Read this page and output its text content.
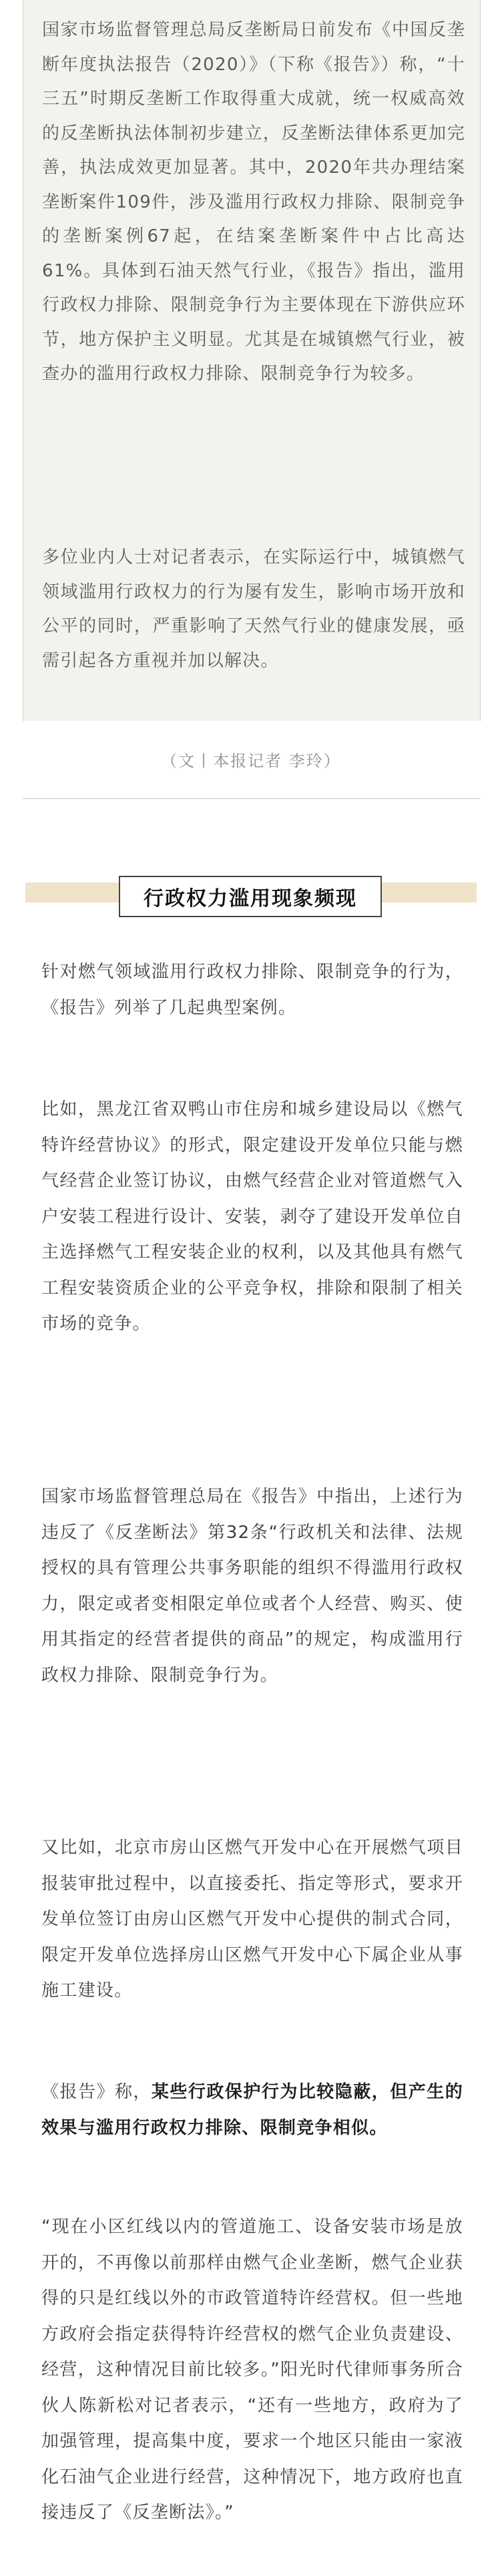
国家市场监督管理总局反垄断局日前发布《中国反垄断年度执法报告（2020）》（下称《报告》）称，“十三五”时期反垄断工作取得重大成就，统一权威高效的反垄断执法体制初步建立，反垄断法律体系更加完善，执法成效更加显著。其中，2020年共办理结案垄断案件109件，涉及滥用行政权力排除、限制竞争的垄断案例67起，在结案垄断案件中占比高达61%。具体到石油天然气行业，《报告》指出，滥用行政权力排除、限制竞争行为主要体现在下游供应环节，地方保护主义明显。尤其是在城镇燃气行业，被查办的滥用行政权力排除、限制竞争行为较多。

多位业内人士对记者表示，在实际运行中，城镇燃气领域滥用行政权力的行为屡有发生，影响市场开放和公平的同时，严重影响了天然气行业的健康发展，亟需引起各方重视并加以解决。

（文丨本报记者 李玲）
行政权力滥用现象频现

针对燃气领域滥用行政权力排除、限制竞争的行为，《报告》列举了几起典型案例。

比如，黑龙江省双鸭山市住房和城乡建设局以《燃气特许经营协议》的形式，限定建设开发单位只能与燃气经营企业签订协议，由燃气经营企业对管道燃气入户安装工程进行设计、安装，剥夺了建设开发单位自主选择燃气工程安装企业的权利，以及其他具有燃气工程安装资质企业的公平竞争权，排除和限制了相关市场的竞争。

国家市场监督管理总局在《报告》中指出，上述行为违反了《反垄断法》第32条“行政机关和法律、法规授权的具有管理公共事务职能的组织不得滥用行政权力，限定或者变相限定单位或者个人经营、购买、使用其指定的经营者提供的商品”的规定，构成滥用行政权力排除、限制竞争行为。

又比如，北京市房山区燃气开发中心在开展燃气项目报装审批过程中，以直接委托、指定等形式，要求开发单位签订由房山区燃气开发中心提供的制式合同，限定开发单位选择房山区燃气开发中心下属企业从事施工建设。

《报告》称，某些行政保护行为比较隐蔽，但产生的效果与滥用行政权力排除、限制竞争相似。

“现在小区红线以内的管道施工、设备安装市场是放开的，不再像以前那样由燃气企业垄断，燃气企业获得的只是红线以外的市政管道特许经营权。但一些地方政府会指定获得特许经营权的燃气企业负责建设、经营，这种情况目前比较多。”阳光时代律师事务所合伙人陈新松对记者表示，“还有一些地方，政府为了加强管理，提高集中度，要求一个地区只能由一家液化石油气企业进行经营，这种情况下，地方政府也直接违反了《反垄断法》。”
